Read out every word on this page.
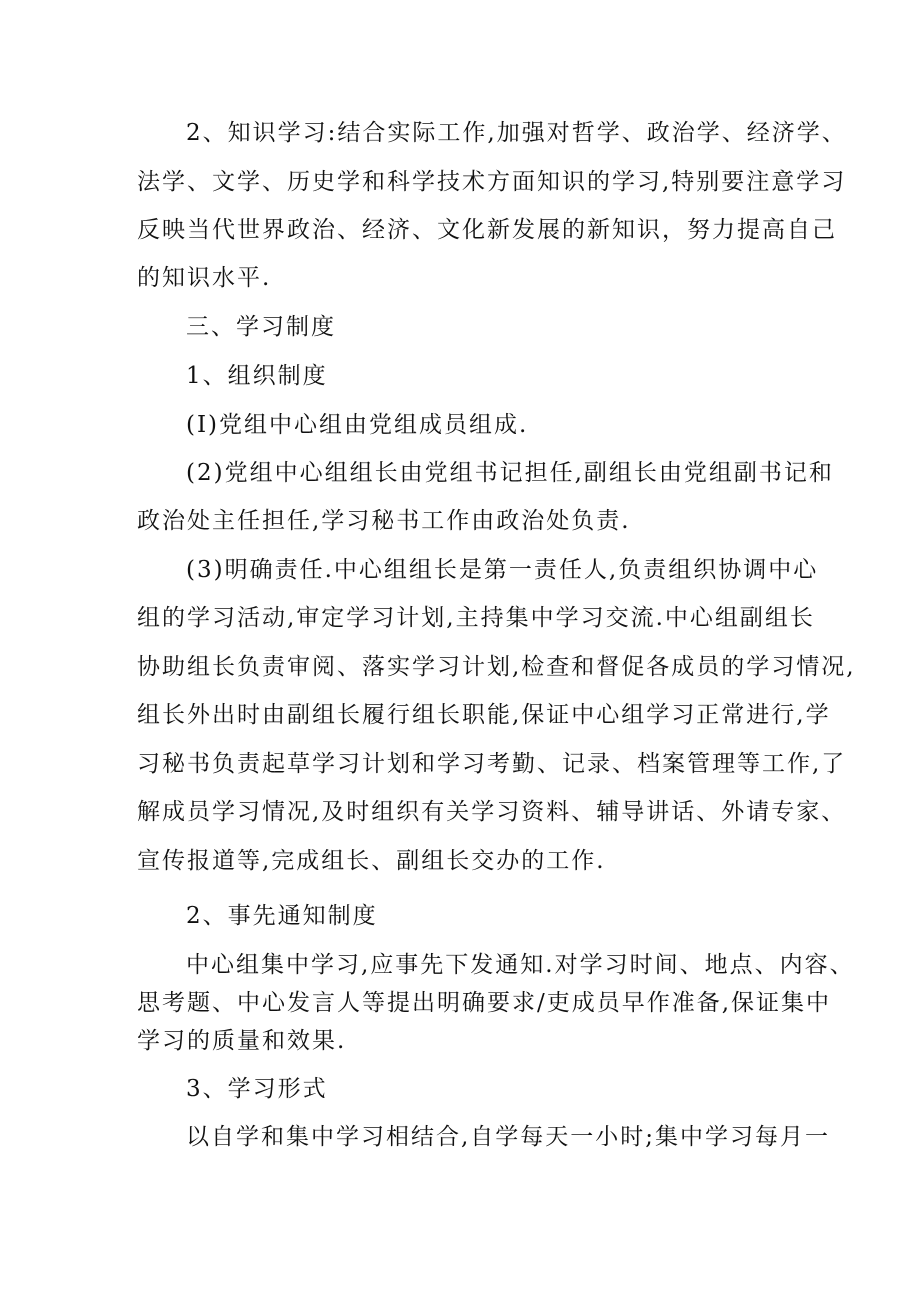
2、知识学习:结合实际工作,加强对哲学、政治学、经济学、
法学、文学、历史学和科学技术方面知识的学习,特别要注意学习
反映当代世界政治、经济、文化新发展的新知识，努力提高自己
的知识水平.
三、学习制度
1、组织制度
(I)党组中心组由党组成员组成.
(2)党组中心组组长由党组书记担任,副组长由党组副书记和
政治处主任担任,学习秘书工作由政治处负责.
(3)明确责任.中心组组长是第一责任人,负责组织协调中心
组的学习活动,审定学习计划,主持集中学习交流.中心组副组长
协助组长负责审阅、落实学习计划,检查和督促各成员的学习情况,
组长外出时由副组长履行组长职能,保证中心组学习正常进行,学
习秘书负责起草学习计划和学习考勤、记录、档案管理等工作,了
解成员学习情况,及时组织有关学习资料、辅导讲话、外请专家、
宣传报道等,完成组长、副组长交办的工作.
2、事先通知制度
中心组集中学习,应事先下发通知.对学习时间、地点、内容、
思考题、中心发言人等提出明确要求/吏成员早作准备,保证集中
学习的质量和效果.
3、学习形式
以自学和集中学习相结合,自学每天一小时;集中学习每月一
